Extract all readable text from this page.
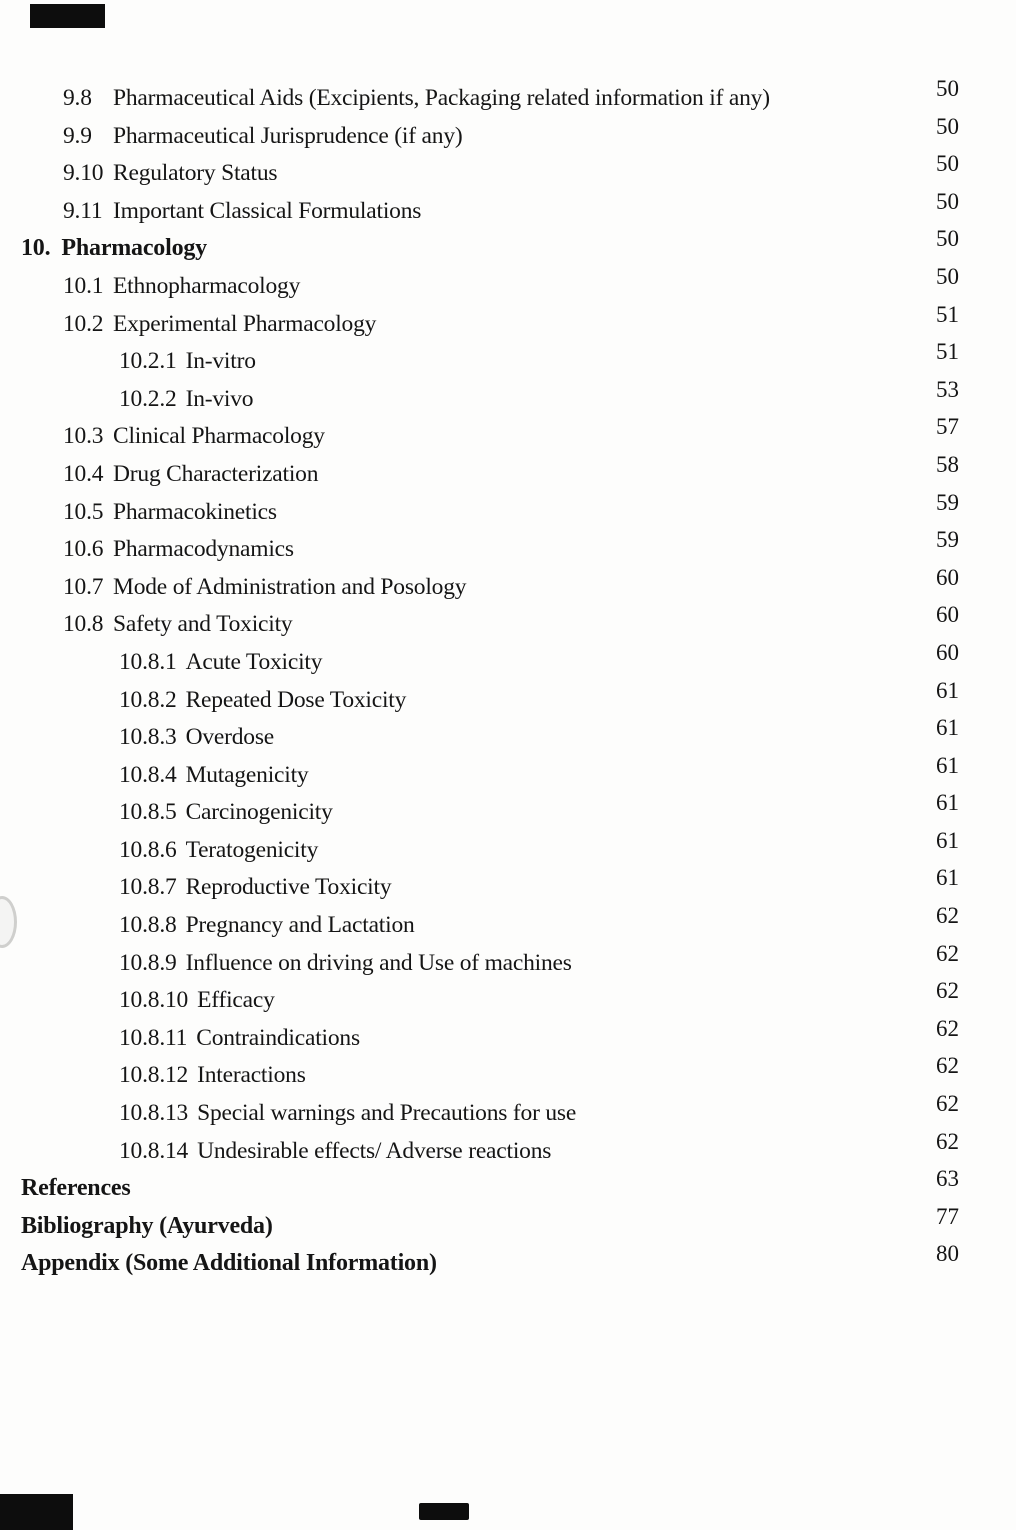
9.8 Pharmaceutical Aids (Excipients, Packaging related information if any)	50
9.9 Pharmaceutical Jurisprudence (if any)	50
9.10 Regulatory Status	50
9.11 Important Classical Formulations	50
10. Pharmacology	50
10.1 Ethnopharmacology	50
10.2 Experimental Pharmacology	51
10.2.1 In-vitro	51
10.2.2 In-vivo	53
10.3 Clinical Pharmacology	57
10.4 Drug Characterization	58
10.5 Pharmacokinetics	59
10.6 Pharmacodynamics	59
10.7 Mode of Administration and Posology	60
10.8 Safety and Toxicity	60
10.8.1 Acute Toxicity	60
10.8.2 Repeated Dose Toxicity	61
10.8.3 Overdose	61
10.8.4 Mutagenicity	61
10.8.5 Carcinogenicity	61
10.8.6 Teratogenicity	61
10.8.7 Reproductive Toxicity	61
10.8.8 Pregnancy and Lactation	62
10.8.9 Influence on driving and Use of machines	62
10.8.10 Efficacy	62
10.8.11 Contraindications	62
10.8.12 Interactions	62
10.8.13 Special warnings and Precautions for use	62
10.8.14 Undesirable effects/ Adverse reactions	62
References	63
Bibliography (Ayurveda)	77
Appendix (Some Additional Information)	80
